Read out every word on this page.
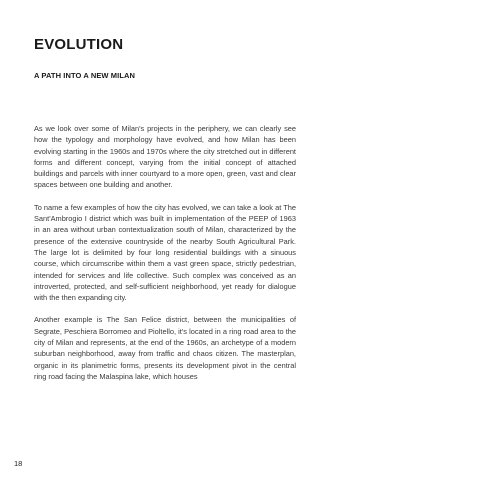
EVOLUTION
A PATH INTO A NEW MILAN

As we look over some of Milan's projects in the periphery, we can clearly see how the typology and morphology have evolved, and how Milan has been evolving starting in the 1960s and 1970s where the city stretched out in different forms and different concept, varying from the initial concept of attached buildings and parcels with inner courtyard to a more open, green, vast and clear spaces between one building and another.

To name a few examples of how the city has evolved, we can take a look at The Sant'Ambrogio I district which was built in implementation of the PEEP of 1963 in an area without urban contextualization south of Milan, characterized by the presence of the extensive countryside of the nearby South Agricultural Park. The large lot is delimited by four long residential buildings with a sinuous course, which circumscribe within them a vast green space, strictly pedestrian, intended for services and life collective. Such complex was conceived as an introverted, protected, and self-sufficient neighborhood, yet ready for dialogue with the then expanding city.

Another example is The San Felice district, between the municipalities of Segrate, Peschiera Borromeo and Pioltello, it's located in a ring road area to the city of Milan and represents, at the end of the 1960s, an archetype of a modern suburban neighborhood, away from traffic and chaos citizen. The masterplan, organic in its planimetric forms, presents its development pivot in the central ring road facing the Malaspina lake, which houses

18
